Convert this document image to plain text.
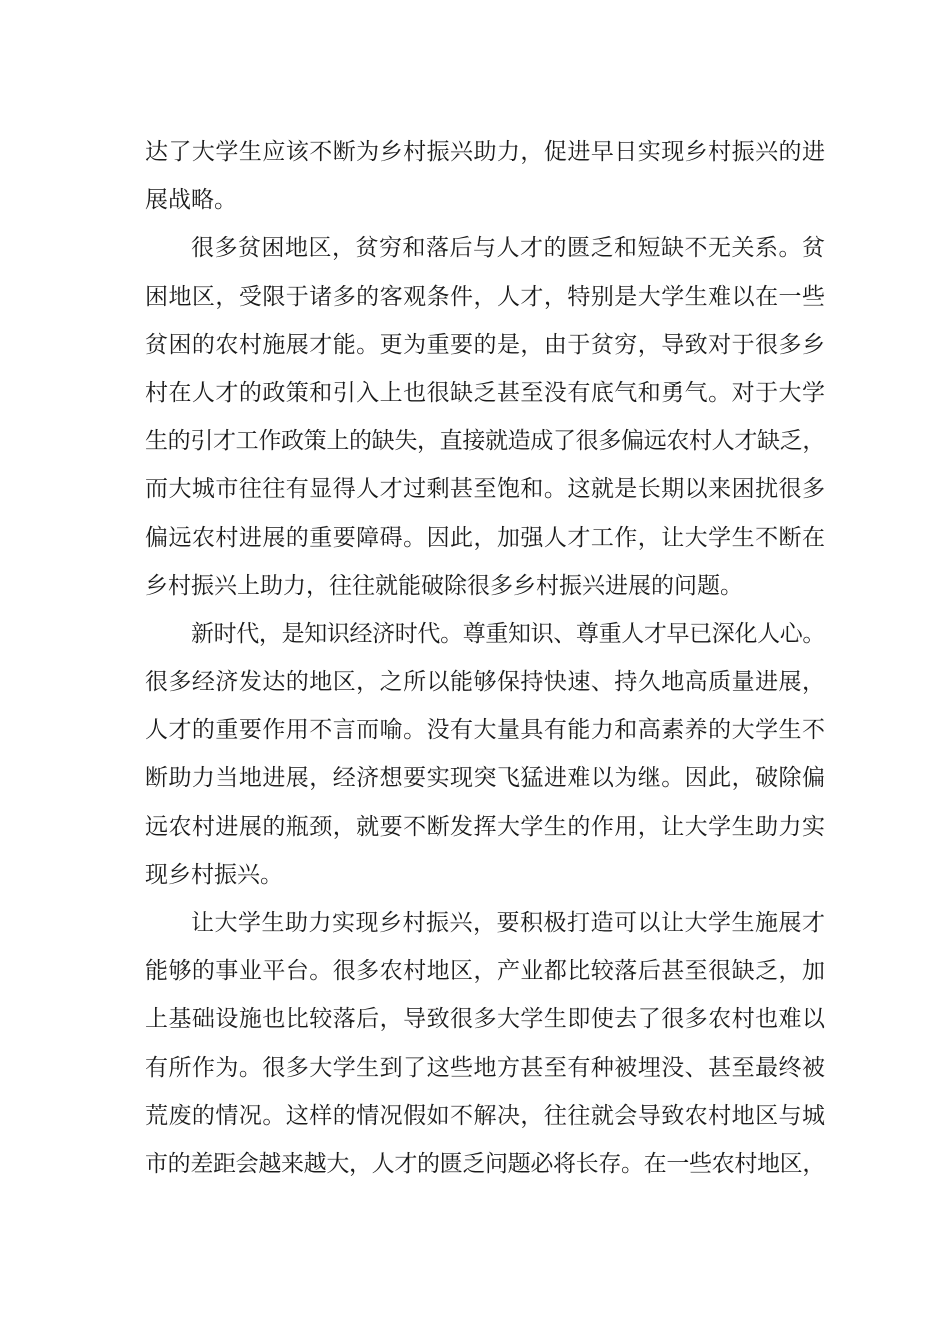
达了大学生应该不断为乡村振兴助力，促进早日实现乡村振兴的进
展战略。
很多贫困地区，贫穷和落后与人才的匮乏和短缺不无关系。贫
困地区，受限于诸多的客观条件，人才，特别是大学生难以在一些
贫困的农村施展才能。更为重要的是，由于贫穷，导致对于很多乡
村在人才的政策和引入上也很缺乏甚至没有底气和勇气。对于大学
生的引才工作政策上的缺失，直接就造成了很多偏远农村人才缺乏，
而大城市往往有显得人才过剩甚至饱和。这就是长期以来困扰很多
偏远农村进展的重要障碍。因此，加强人才工作，让大学生不断在
乡村振兴上助力，往往就能破除很多乡村振兴进展的问题。
新时代，是知识经济时代。尊重知识、尊重人才早已深化人心。
很多经济发达的地区，之所以能够保持快速、持久地高质量进展，
人才的重要作用不言而喻。没有大量具有能力和高素养的大学生不
断助力当地进展，经济想要实现突飞猛进难以为继。因此，破除偏
远农村进展的瓶颈，就要不断发挥大学生的作用，让大学生助力实
现乡村振兴。
让大学生助力实现乡村振兴，要积极打造可以让大学生施展才
能够的事业平台。很多农村地区，产业都比较落后甚至很缺乏，加
上基础设施也比较落后，导致很多大学生即使去了很多农村也难以
有所作为。很多大学生到了这些地方甚至有种被埋没、甚至最终被
荒废的情况。这样的情况假如不解决，往往就会导致农村地区与城
市的差距会越来越大，人才的匮乏问题必将长存。在一些农村地区，
